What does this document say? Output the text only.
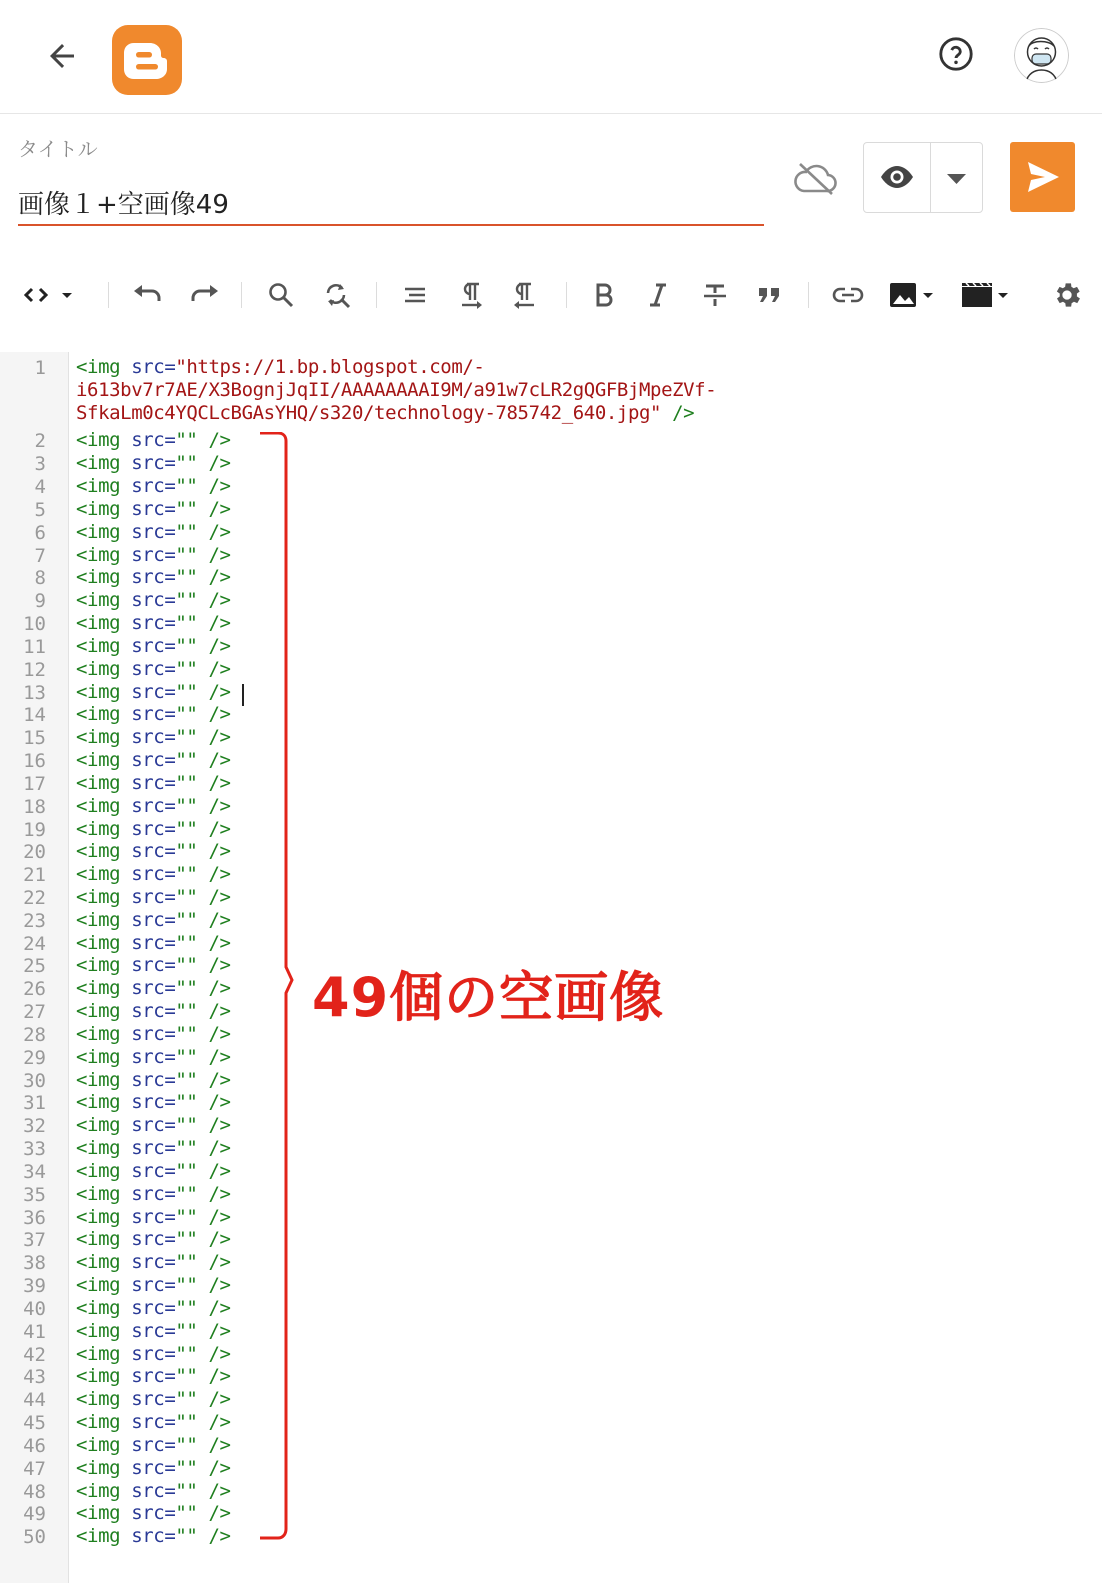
タイトル
画像１+空画像49
1 <img src="https://1.bp.blogspot.com/-
i613bv7r7AE/X3BognjJqII/AAAAAAAAI9M/a91w7cLR2gQGFBjMpeZVf-
SfkaLm0c4YQCLcBGAsYHQ/s320/technology-785742_640.jpg" />
2 <img src="" />
3 <img src="" />
4 <img src="" />
5 <img src="" />
6 <img src="" />
7 <img src="" />
8 <img src="" />
9 <img src="" />
10 <img src="" />
11 <img src="" />
12 <img src="" />
13 <img src="" />
14 <img src="" />
15 <img src="" />
16 <img src="" />
17 <img src="" />
18 <img src="" />
19 <img src="" />
20 <img src="" />
21 <img src="" />
22 <img src="" />
23 <img src="" />
24 <img src="" />
25 <img src="" />
26 <img src="" />
27 <img src="" />
28 <img src="" />
29 <img src="" />
30 <img src="" />
31 <img src="" />
32 <img src="" />
33 <img src="" />
34 <img src="" />
35 <img src="" />
36 <img src="" />
37 <img src="" />
38 <img src="" />
39 <img src="" />
40 <img src="" />
41 <img src="" />
42 <img src="" />
43 <img src="" />
44 <img src="" />
45 <img src="" />
46 <img src="" />
47 <img src="" />
48 <img src="" />
49 <img src="" />
50 <img src="" />
49個の空画像
